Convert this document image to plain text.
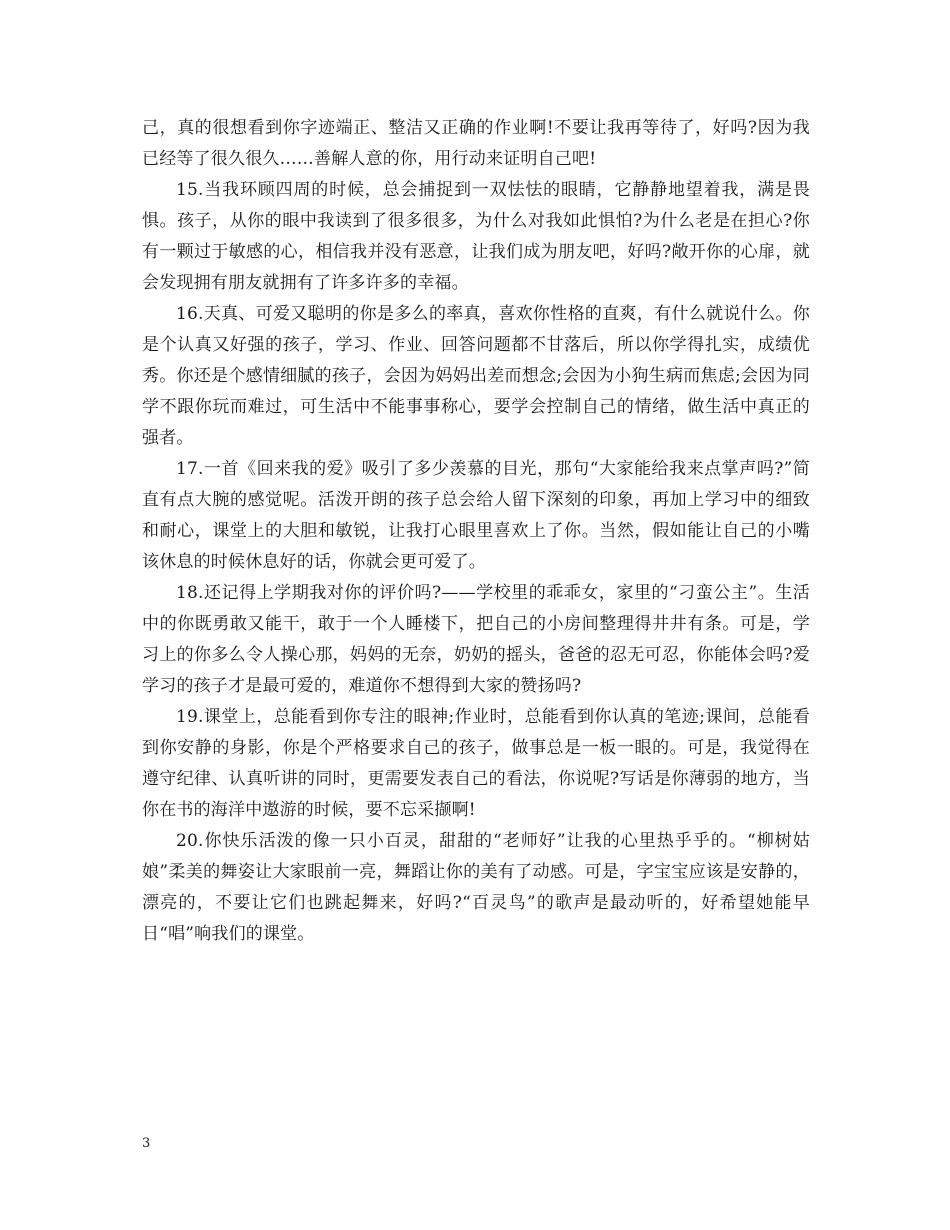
己，真的很想看到你字迹端正、整洁又正确的作业啊!不要让我再等待了，好吗?因为我已经等了很久很久……善解人意的你，用行动来证明自己吧!

15.当我环顾四周的时候，总会捕捉到一双怯怯的眼睛，它静静地望着我，满是畏惧。孩子，从你的眼中我读到了很多很多，为什么对我如此惧怕?为什么老是在担心?你有一颗过于敏感的心，相信我并没有恶意，让我们成为朋友吧，好吗?敞开你的心扉，就会发现拥有朋友就拥有了许多许多的幸福。

16.天真、可爱又聪明的你是多么的率真，喜欢你性格的直爽，有什么就说什么。你是个认真又好强的孩子，学习、作业、回答问题都不甘落后，所以你学得扎实，成绩优秀。你还是个感情细腻的孩子，会因为妈妈出差而想念;会因为小狗生病而焦虑;会因为同学不跟你玩而难过，可生活中不能事事称心，要学会控制自己的情绪，做生活中真正的强者。

17.一首《回来我的爱》吸引了多少羡慕的目光，那句“大家能给我来点掌声吗?”简直有点大腕的感觉呢。活泼开朗的孩子总会给人留下深刻的印象，再加上学习中的细致和耐心，课堂上的大胆和敏锐，让我打心眼里喜欢上了你。当然，假如能让自己的小嘴该休息的时候休息好的话，你就会更可爱了。

18.还记得上学期我对你的评价吗?——学校里的乖乖女，家里的“刁蛮公主”。生活中的你既勇敢又能干，敢于一个人睡楼下，把自己的小房间整理得井井有条。可是，学习上的你多么令人操心那，妈妈的无奈，奶奶的摇头，爸爸的忍无可忍，你能体会吗?爱学习的孩子才是最可爱的，难道你不想得到大家的赞扬吗?

19.课堂上，总能看到你专注的眼神;作业时，总能看到你认真的笔迹;课间，总能看到你安静的身影，你是个严格要求自己的孩子，做事总是一板一眼的。可是，我觉得在遵守纪律、认真听讲的同时，更需要发表自己的看法，你说呢?写话是你薄弱的地方，当你在书的海洋中遨游的时候，要不忘采撷啊!

20.你快乐活泼的像一只小百灵，甜甜的“老师好”让我的心里热乎乎的。“柳树姑娘”柔美的舞姿让大家眼前一亮，舞蹈让你的美有了动感。可是，字宝宝应该是安静的，漂亮的，不要让它们也跳起舞来，好吗?“百灵鸟”的歌声是最动听的，好希望她能早日“唱”响我们的课堂。

3
